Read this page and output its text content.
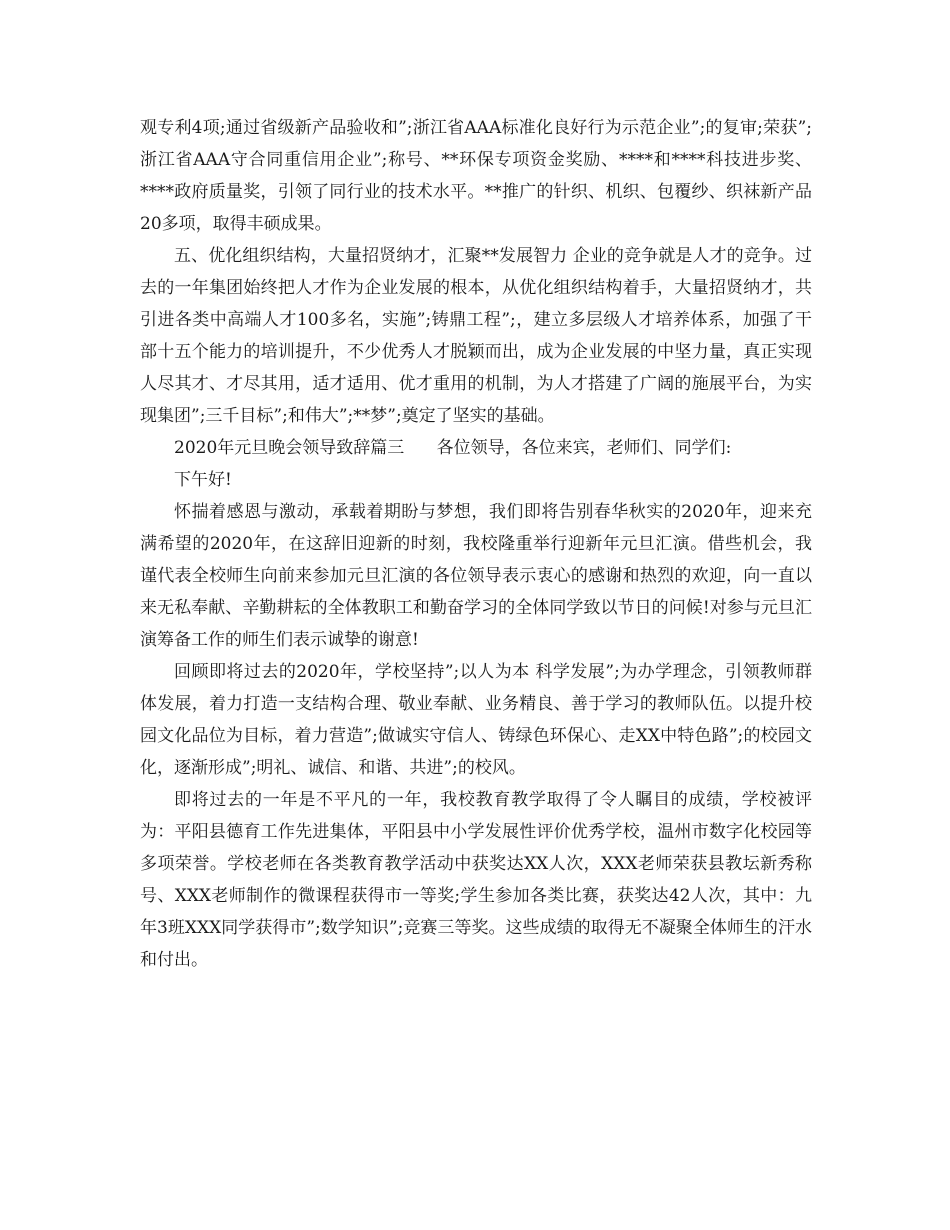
观专利4项;通过省级新产品验收和”;浙江省AAA标准化良好行为示范企业”;的复审;荣获”;浙江省AAA守合同重信用企业”;称号、**环保专项资金奖励、****和****科技进步奖、****政府质量奖，引领了同行业的技术水平。**推广的针织、机织、包覆纱、织袜新产品20多项，取得丰硕成果。

五、优化组织结构，大量招贤纳才，汇聚**发展智力 企业的竞争就是人才的竞争。过去的一年集团始终把人才作为企业发展的根本，从优化组织结构着手，大量招贤纳才，共引进各类中高端人才100多名，实施”;铸鼎工程”;，建立多层级人才培养体系，加强了干部十五个能力的培训提升，不少优秀人才脱颖而出，成为企业发展的中坚力量，真正实现人尽其才、才尽其用，适才适用、优才重用的机制，为人才搭建了广阔的施展平台，为实现集团”;三千目标”;和伟大”;**梦”;奠定了坚实的基础。

2020年元旦晚会领导致辞篇三      各位领导，各位来宾，老师们、同学们:

下午好!

怀揣着感恩与激动，承载着期盼与梦想，我们即将告别春华秋实的2020年，迎来充满希望的2020年，在这辞旧迎新的时刻，我校隆重举行迎新年元旦汇演。借些机会，我谨代表全校师生向前来参加元旦汇演的各位领导表示衷心的感谢和热烈的欢迎，向一直以来无私奉献、辛勤耕耘的全体教职工和勤奋学习的全体同学致以节日的问候!对参与元旦汇演筹备工作的师生们表示诚挚的谢意!

回顾即将过去的2020年，学校坚持”;以人为本 科学发展”;为办学理念，引领教师群体发展，着力打造一支结构合理、敬业奉献、业务精良、善于学习的教师队伍。以提升校园文化品位为目标，着力营造”;做诚实守信人、铸绿色环保心、走XX中特色路”;的校园文化，逐渐形成”;明礼、诚信、和谐、共进”;的校风。

即将过去的一年是不平凡的一年，我校教育教学取得了令人瞩目的成绩，学校被评为：平阳县德育工作先进集体，平阳县中小学发展性评价优秀学校，温州市数字化校园等多项荣誉。学校老师在各类教育教学活动中获奖达XX人次，XXX老师荣获县教坛新秀称号、XXX老师制作的微课程获得市一等奖;学生参加各类比赛，获奖达42人次，其中：九年3班XXX同学获得市”;数学知识”;竞赛三等奖。这些成绩的取得无不凝聚全体师生的汗水和付出。
